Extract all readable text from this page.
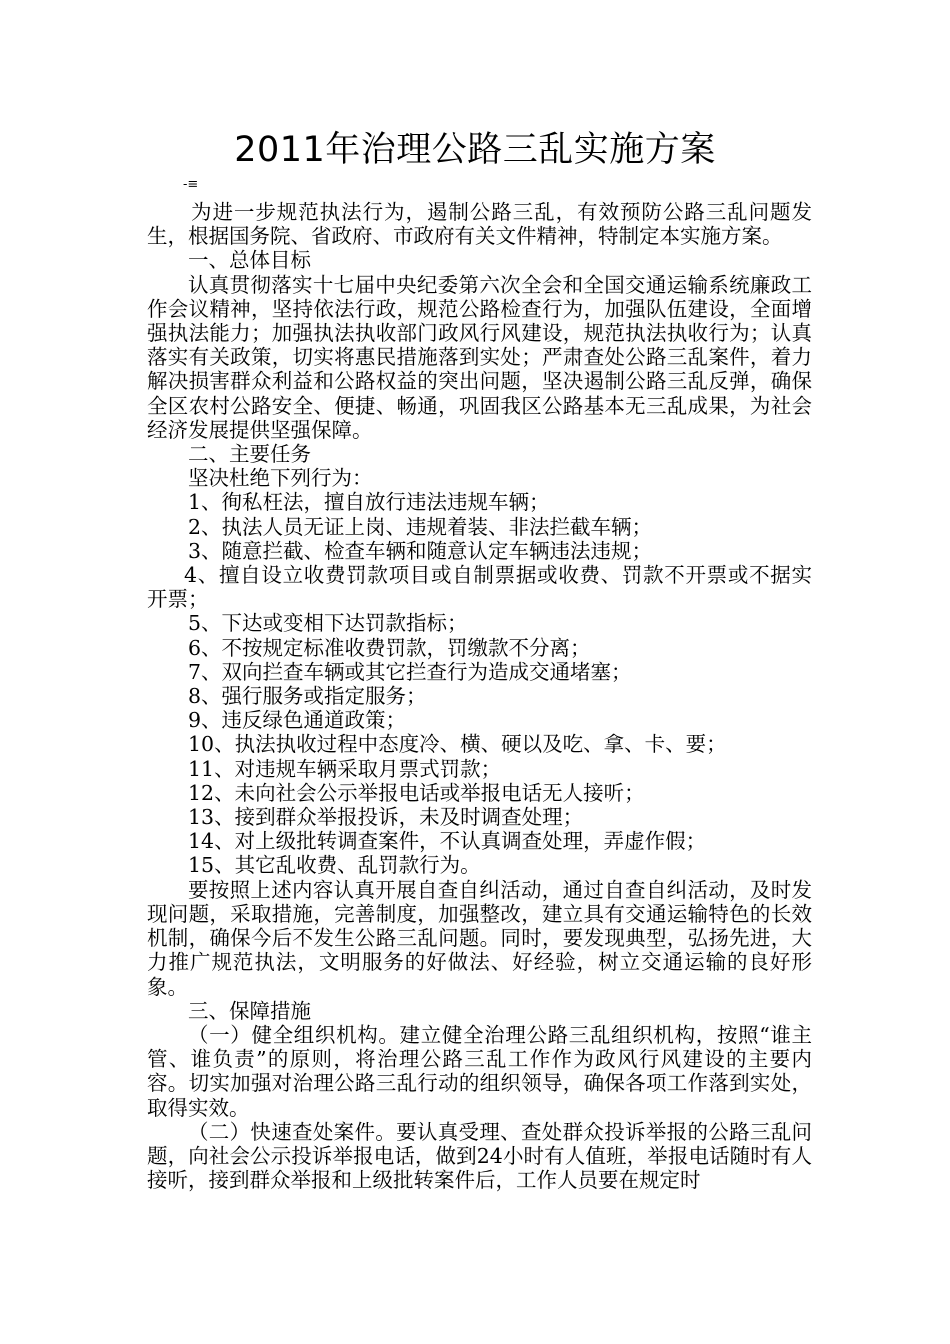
2011年治理公路三乱实施方案
-≡

为进一步规范执法行为，遏制公路三乱，有效预防公路三乱问题发生，根据国务院、省政府、市政府有关文件精神，特制定本实施方案。

一、总体目标

认真贯彻落实十七届中央纪委第六次全会和全国交通运输系统廉政工作会议精神，坚持依法行政，规范公路检查行为，加强队伍建设，全面增强执法能力；加强执法执收部门政风行风建设，规范执法执收行为；认真落实有关政策，切实将惠民措施落到实处；严肃查处公路三乱案件，着力解决损害群众利益和公路权益的突出问题，坚决遏制公路三乱反弹，确保全区农村公路安全、便捷、畅通，巩固我区公路基本无三乱成果，为社会经济发展提供坚强保障。

二、主要任务

坚决杜绝下列行为：

1、徇私枉法，擅自放行违法违规车辆；

2、执法人员无证上岗、违规着装、非法拦截车辆；

3、随意拦截、检查车辆和随意认定车辆违法违规；

4、擅自设立收费罚款项目或自制票据或收费、罚款不开票或不据实开票；

5、下达或变相下达罚款指标；

6、不按规定标准收费罚款，罚缴款不分离；

7、双向拦查车辆或其它拦查行为造成交通堵塞；

8、强行服务或指定服务；

9、违反绿色通道政策；

10、执法执收过程中态度冷、横、硬以及吃、拿、卡、要；

11、对违规车辆采取月票式罚款；

12、未向社会公示举报电话或举报电话无人接听；

13、接到群众举报投诉，未及时调查处理；

14、对上级批转调查案件，不认真调查处理，弄虚作假；

15、其它乱收费、乱罚款行为。

要按照上述内容认真开展自查自纠活动，通过自查自纠活动，及时发现问题，采取措施，完善制度，加强整改，建立具有交通运输特色的长效机制，确保今后不发生公路三乱问题。同时，要发现典型，弘扬先进，大力推广规范执法，文明服务的好做法、好经验，树立交通运输的良好形象。

三、保障措施

（一）健全组织机构。建立健全治理公路三乱组织机构，按照“谁主管、谁负责”的原则，将治理公路三乱工作作为政风行风建设的主要内容。切实加强对治理公路三乱行动的组织领导，确保各项工作落到实处，取得实效。

（二）快速查处案件。要认真受理、查处群众投诉举报的公路三乱问题，向社会公示投诉举报电话，做到24小时有人值班，举报电话随时有人接听，接到群众举报和上级批转案件后，工作人员要在规定时
